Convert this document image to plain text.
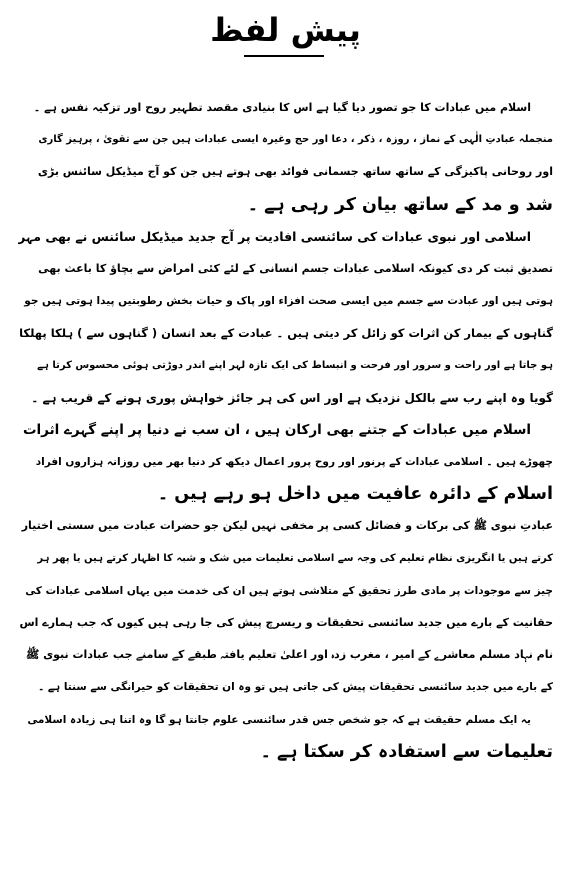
پیش لفظ
اسلام میں عبادات کا جو تصور دیا گیا ہے اس کا بنیادی مقصد تطہیر روح اور تزکیہ نفس ہے ۔
منجملہ عبادتِ الٰہی کے نماز ، روزہ ، ذکر ، دعا اور حج وغیرہ ایسی عبادات ہیں جن سے تقویٰ ، پرہیز گاری
اور روحانی پاکیزگی کے ساتھ ساتھ جسمانی فوائد بھی ہوتے ہیں جن کو آج میڈیکل سائنس بڑی
شد و مد کے ساتھ بیان کر رہی ہے ۔
اسلامی اور نبوی عبادات کی سائنسی افادیت پر آج جدید میڈیکل سائنس نے بھی مہر
تصدیق ثبت کر دی کیونکہ اسلامی عبادات جسم انسانی کے لئے کئی امراض سے بچاؤ کا باعث بھی
ہوتی ہیں اور عبادت سے جسم میں ایسی صحت افزاء اور پاک و حیات بخش رطوبتیں پیدا ہوتی ہیں جو
گناہوں کے بیمار کن اثرات کو زائل کر دیتی ہیں ۔ عبادت کے بعد انسان ( گناہوں سے ) ہلکا پھلکا
ہو جاتا ہے اور راحت و سرور اور فرحت و انبساط کی ایک تازہ لہر اپنے اندر دوڑتی ہوئی محسوس کرتا ہے
گویا وہ اپنے رب سے بالکل نزدیک ہے اور اس کی ہر جائز خواہش پوری ہونے کے قریب ہے ۔
اسلام میں عبادات کے جتنے بھی ارکان ہیں ، ان سب نے دنیا پر اپنے گہرے اثرات
چھوڑے ہیں ۔ اسلامی عبادات کے پرنور اور روح پرور اعمال دیکھ کر دنیا بھر میں روزانہ ہزاروں افراد
اسلام کے دائرہ عافیت میں داخل ہو رہے ہیں ۔
عبادتِ نبوی ﷺ کی برکات و فضائل کسی پر مخفی نہیں لیکن جو حضرات عبادت میں سستی اختیار
کرتے ہیں یا انگریزی نظام تعلیم کی وجہ سے اسلامی تعلیمات میں شک و شبہ کا اظہار کرتے ہیں یا پھر ہر
چیز سے موجودات پر مادی طرز تحقیق کے متلاشی ہوتے ہیں ان کی خدمت میں یہاں اسلامی عبادات کی
حقانیت کے بارے میں جدید سائنسی تحقیقات و ریسرچ پیش کی جا رہی ہیں کیوں کہ جب ہمارے اس
نام نہاد مسلم معاشرے کے امیر ، مغرب زدہ اور اعلیٰ تعلیم یافتہ طبقے کے سامنے جب عبادات نبوی ﷺ
کے بارے میں جدید سائنسی تحقیقات پیش کی جاتی ہیں تو وہ ان تحقیقات کو حیرانگی سے سنتا ہے ۔
یہ ایک مسلم حقیقت ہے کہ جو شخص جس قدر سائنسی علوم جانتا ہو گا وہ اتنا ہی زیادہ اسلامی
تعلیمات سے استفادہ کر سکتا ہے ۔
